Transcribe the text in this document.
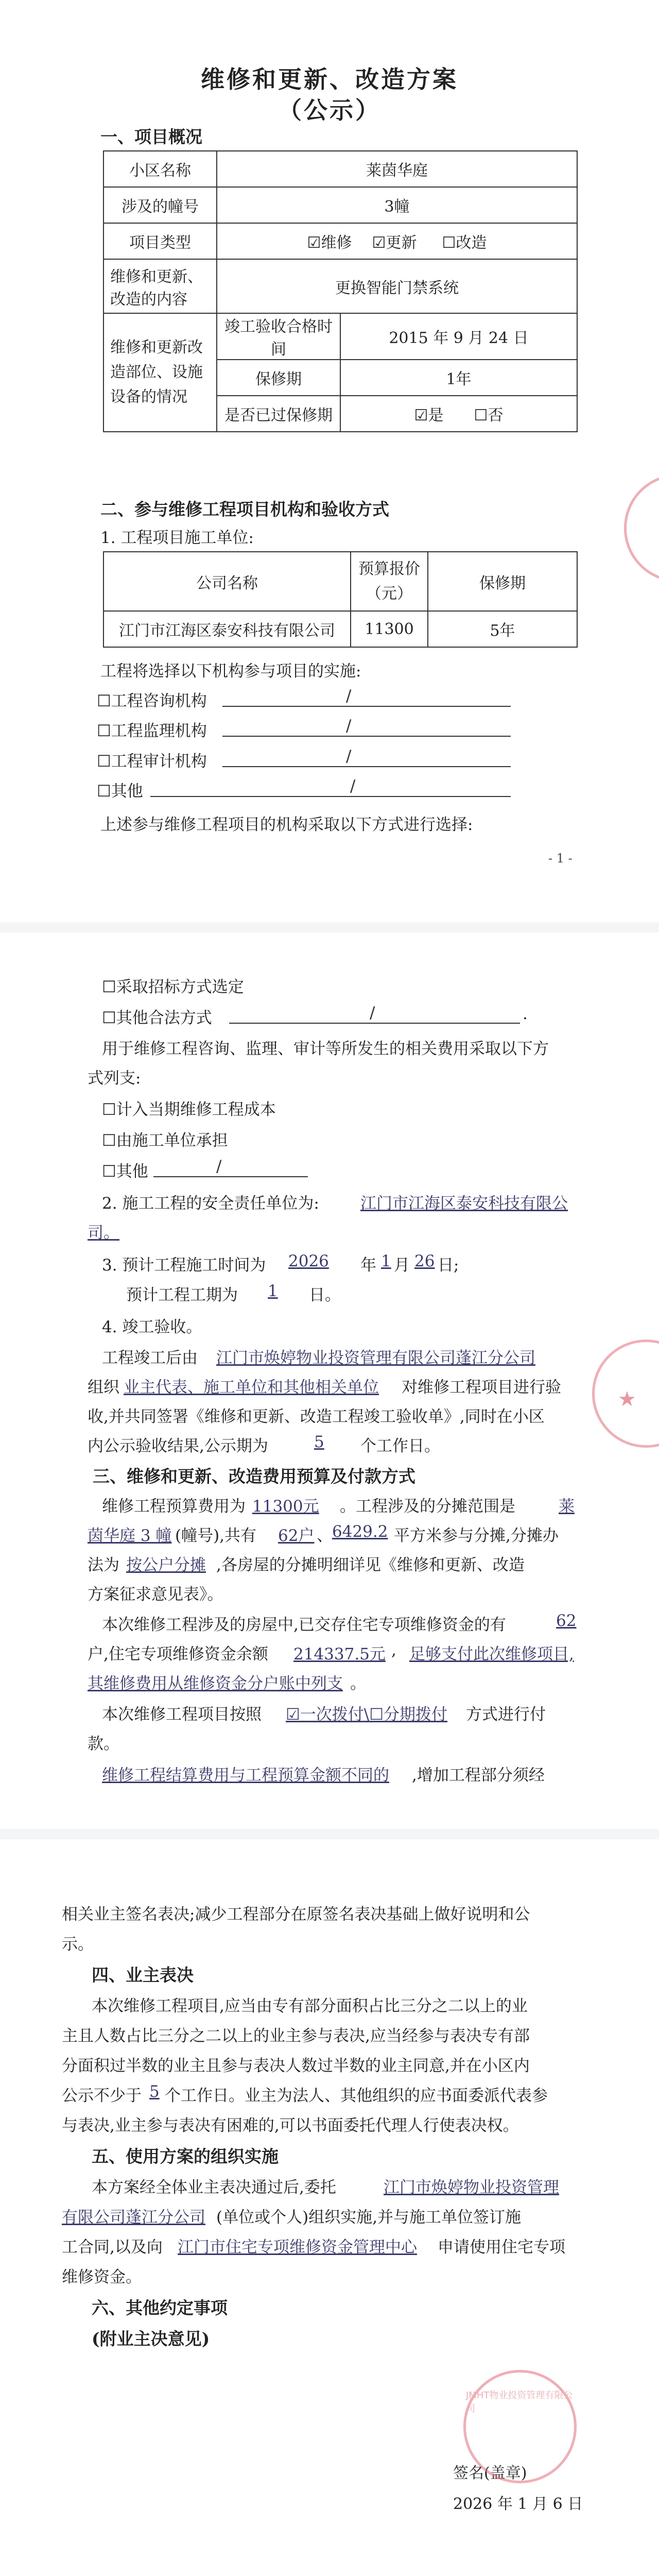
维修和更新、改造方案
（公示）
一、项目概况
小区名称	莱茵华庭	
涉及的幢号	3幢	
项目类型	☑维修 ☑更新 ☐改造	
维修和更新、改造的内容	更换智能门禁系统	
维修和更新改造部位、设施设备的情况	竣工验收合格时间	2015 年 9 月 24 日
	保修期	1年
	是否已过保修期	☑是 ☐否
二、参与维修工程项目机构和验收方式
1. 工程项目施工单位:
公司名称	预算报价（元）	保修期
江门市江海区泰安科技有限公司	11300	5年
工程将选择以下机构参与项目的实施:
☐工程咨询机构	/
☐工程监理机构	/
☐工程审计机构	/
☐其他	/
上述参与维修工程项目的机构采取以下方式进行选择:
- 1 -
☐采取招标方式选定
☐其他合法方式	/	.
用于维修工程咨询、监理、审计等所发生的相关费用采取以下方
式列支:
☐计入当期维修工程成本
☐由施工单位承担
☐其他	/
2. 施工工程的安全责任单位为:	江门市江海区泰安科技有限公
司。
3. 预计工程施工时间为 2026 年 1 月 26 日;
预计工程工期为 1 日。
4. 竣工验收。
工程竣工后由 江门市焕婷物业投资管理有限公司蓬江分公司
组织 业主代表、施工单位和其他相关单位 对维修工程项目进行验
收,并共同签署《维修和更新、改造工程竣工验收单》,同时在小区
内公示验收结果,公示期为	5 个工作日。
三、维修和更新、改造费用预算及付款方式
维修工程预算费用为 11300元 。工程涉及的分摊范围是	莱
茵华庭 3 幢 (幢号),共有 62户 、 6429.2 平方米参与分摊,分摊办
法为 按公户分摊 ,各房屋的分摊明细详见《维修和更新、改造
方案征求意见表》。
本次维修工程涉及的房屋中,已交存住宅专项维修资金的有	62
户,住宅专项维修资金余额 214337.5元 , 足够支付此次维修项目,
其维修费用从维修资金分户账中列支 。
本次维修工程项目按照 ☑一次拨付\☐分期拨付 方式进行付
款。
维修工程结算费用与工程预算金额不同的 ,增加工程部分须经
★
相关业主签名表决;减少工程部分在原签名表决基础上做好说明和公
示。
四、业主表决
本次维修工程项目,应当由专有部分面积占比三分之二以上的业
主且人数占比三分之二以上的业主参与表决,应当经参与表决专有部
分面积过半数的业主且参与表决人数过半数的业主同意,并在小区内
公示不少于 5 个工作日。业主为法人、其他组织的应书面委派代表参
与表决,业主参与表决有困难的,可以书面委托代理人行使表决权。
五、使用方案的组织实施
本方案经全体业主表决通过后,委托	江门市焕婷物业投资管理
有限公司蓬江分公司 (单位或个人)组织实施,并与施工单位签订施
工合同,以及向 江门市住宅专项维修资金管理中心 申请使用住宅专项
维修资金。
六、其他约定事项
(附业主决意见)
签名(盖章)
2026 年 1 月 6 日
JMHT物业投资管理有限公司
